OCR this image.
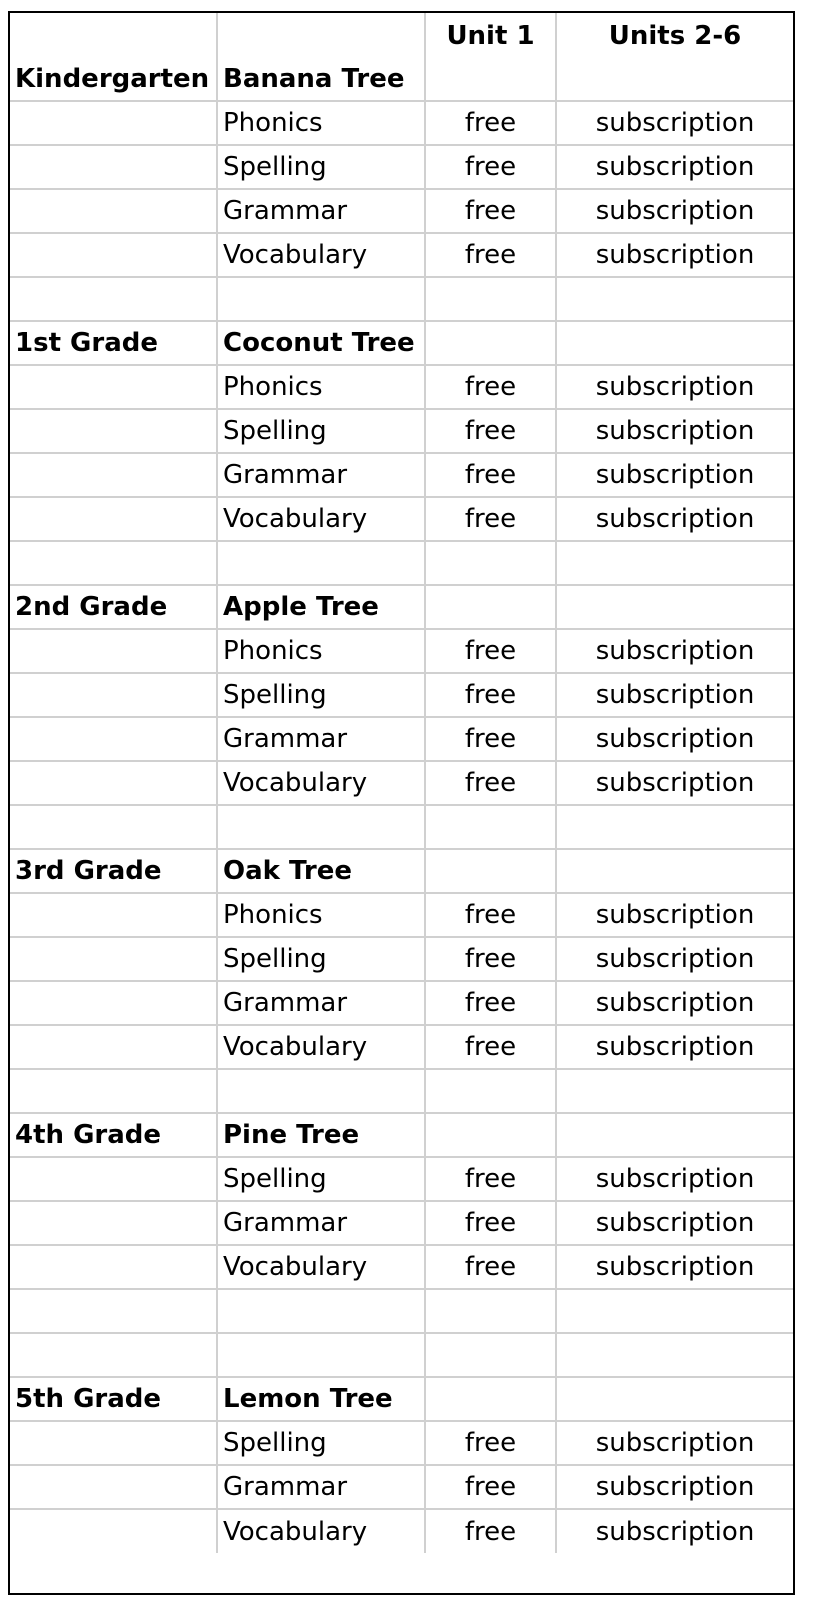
		Unit 1	Units 2-6
Kindergarten	Banana Tree		
	Phonics	free	subscription
	Spelling	free	subscription
	Grammar	free	subscription
	Vocabulary	free	subscription

1st Grade	Coconut Tree		
	Phonics	free	subscription
	Spelling	free	subscription
	Grammar	free	subscription
	Vocabulary	free	subscription

2nd Grade	Apple Tree		
	Phonics	free	subscription
	Spelling	free	subscription
	Grammar	free	subscription
	Vocabulary	free	subscription

3rd Grade	Oak Tree		
	Phonics	free	subscription
	Spelling	free	subscription
	Grammar	free	subscription
	Vocabulary	free	subscription

4th Grade	Pine Tree		
	Spelling	free	subscription
	Grammar	free	subscription
	Vocabulary	free	subscription

5th Grade	Lemon Tree		
	Spelling	free	subscription
	Grammar	free	subscription
	Vocabulary	free	subscription
